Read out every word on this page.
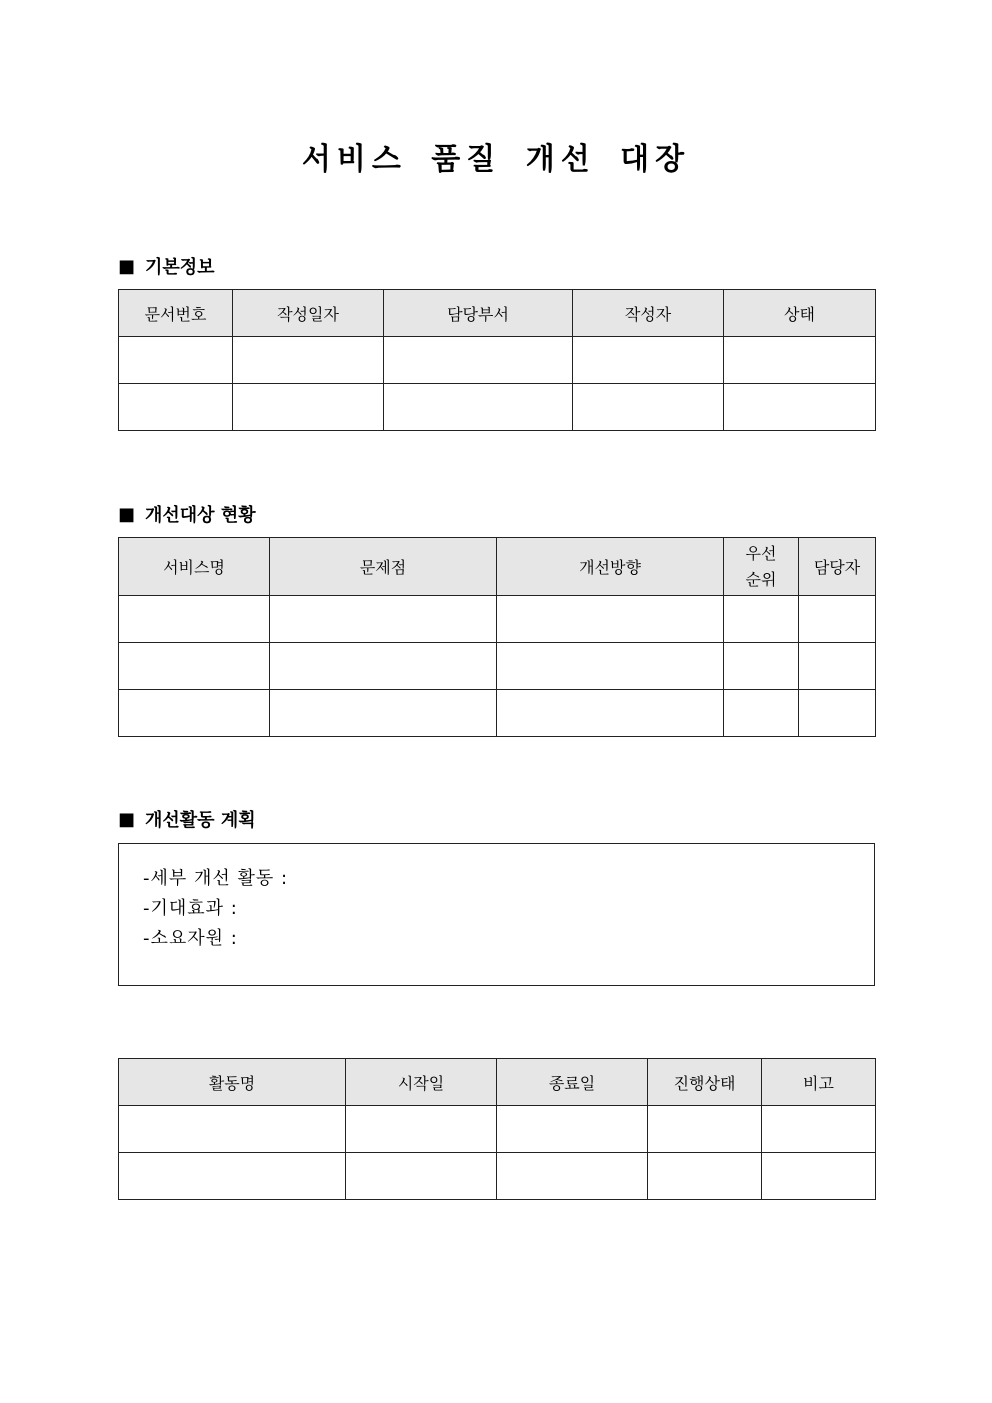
서비스 품질 개선 대장
■ 기본정보
문서번호	작성일자	담당부서	작성자	상태

■ 개선대상 현황
서비스명	문제점	개선방향	우선순위	담당자

■ 개선활동 계획
-세부 개선 활동 :
-기대효과 :
-소요자원 :
활동명	시작일	종료일	진행상태	비고
